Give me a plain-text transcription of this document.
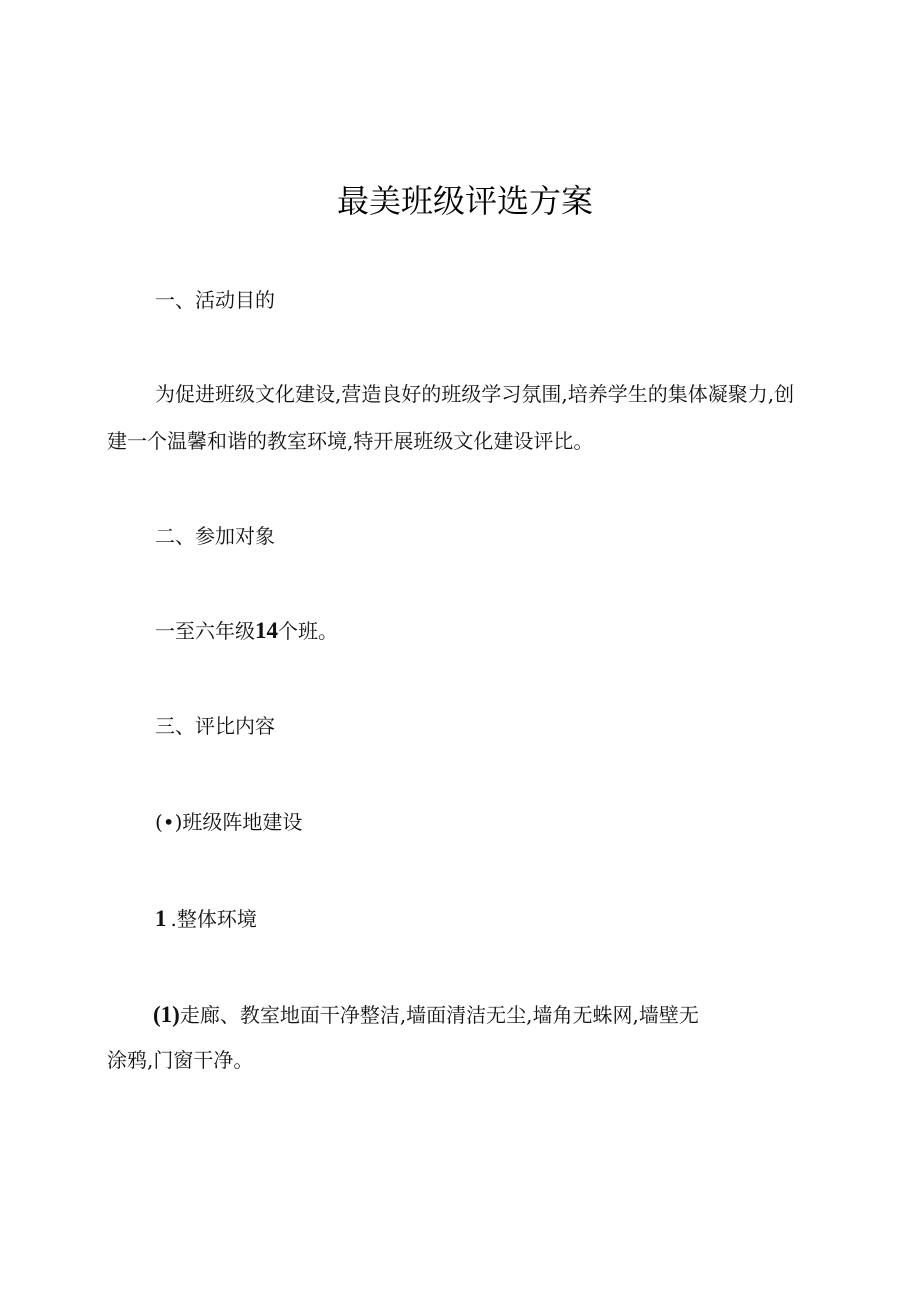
最美班级评选方案
一、活动目的
为促进班级文化建设,营造良好的班级学习氛围,培养学生的集体凝聚力,创
建一个温馨和谐的教室环境,特开展班级文化建设评比。
二、参加对象
一至六年级14个班。
三、评比内容
(•)班级阵地建设
1 .整体环境
(1)走廊、教室地面干净整洁,墙面清洁无尘,墙角无蛛网,墙壁无
涂鸦,门窗干净。
